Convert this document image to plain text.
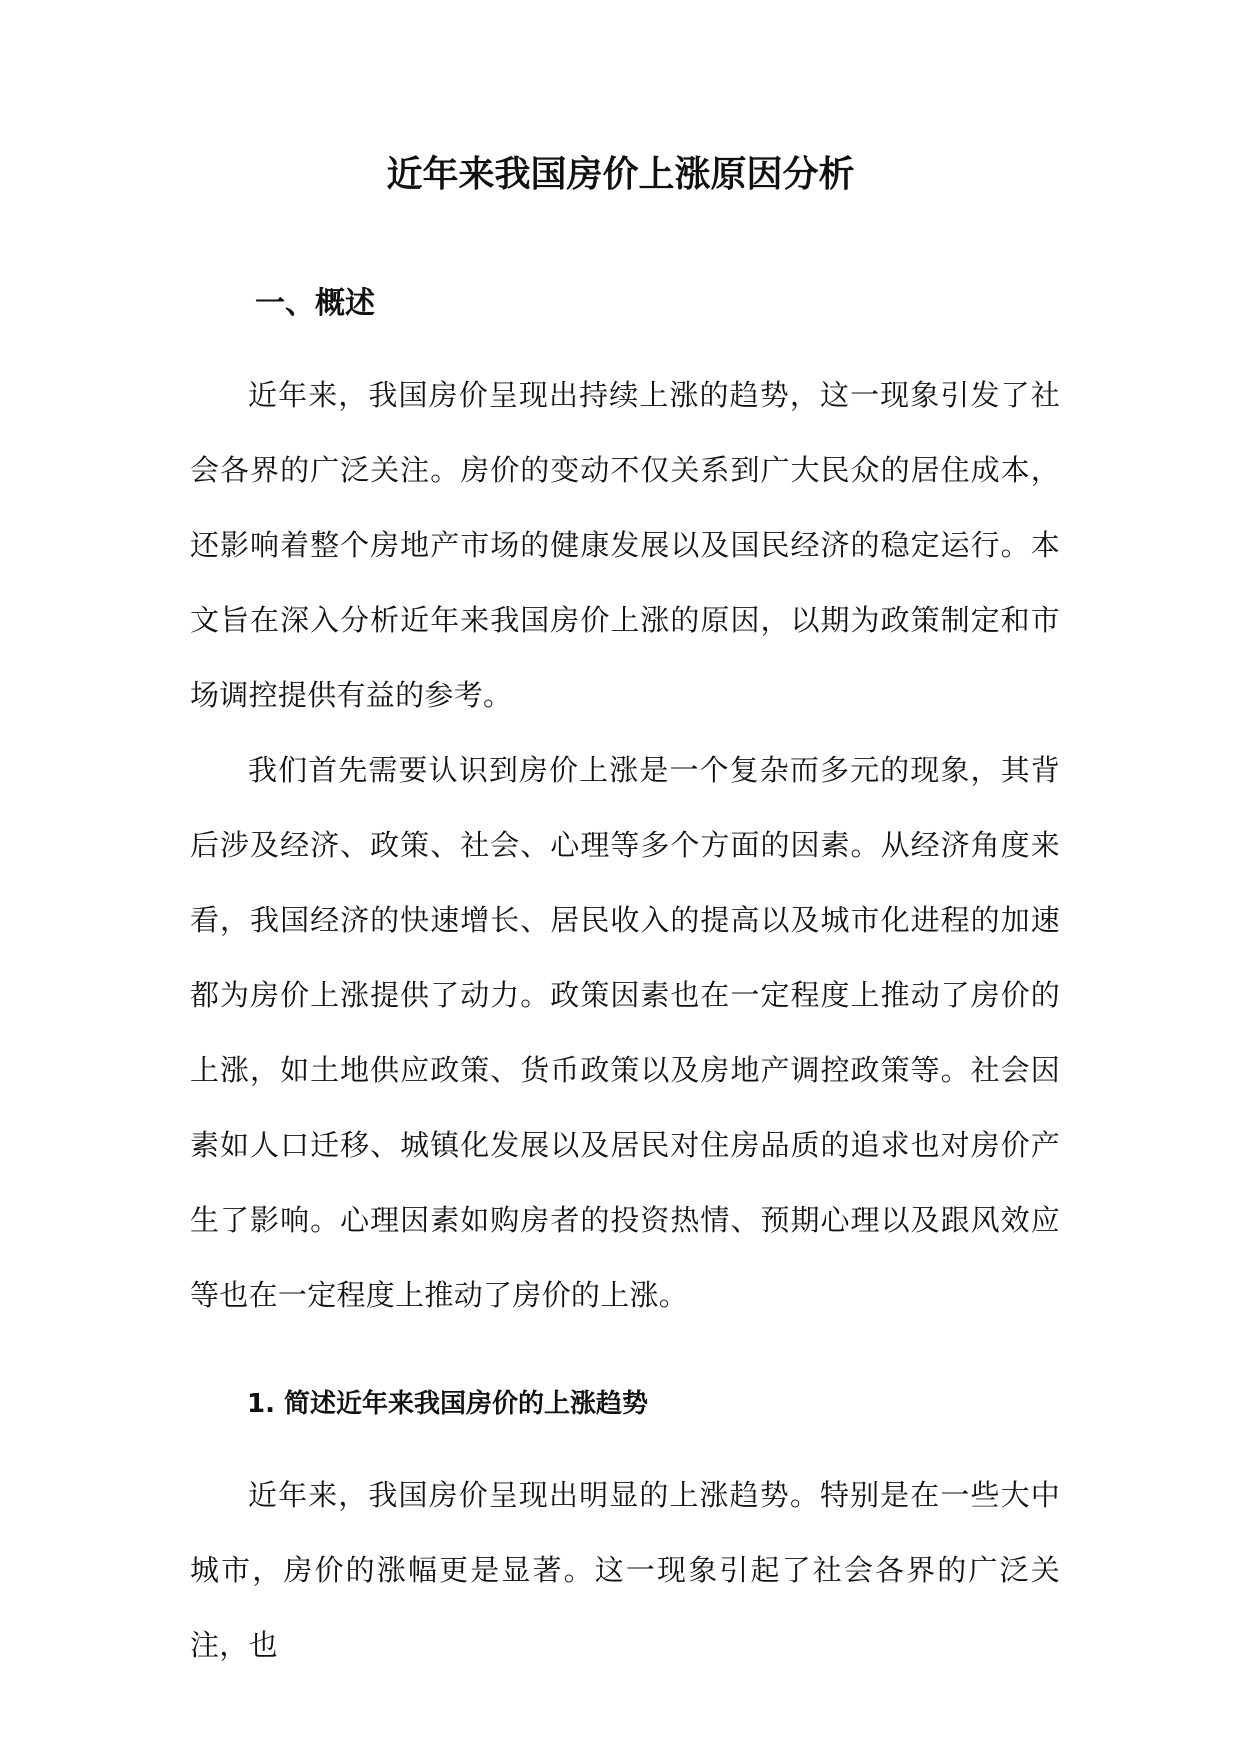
近年来我国房价上涨原因分析
一、概述

近年来，我国房价呈现出持续上涨的趋势，这一现象引发了社会各界的广泛关注。房价的变动不仅关系到广大民众的居住成本，还影响着整个房地产市场的健康发展以及国民经济的稳定运行。本文旨在深入分析近年来我国房价上涨的原因，以期为政策制定和市场调控提供有益的参考。

我们首先需要认识到房价上涨是一个复杂而多元的现象，其背后涉及经济、政策、社会、心理等多个方面的因素。从经济角度来看，我国经济的快速增长、居民收入的提高以及城市化进程的加速都为房价上涨提供了动力。政策因素也在一定程度上推动了房价的上涨，如土地供应政策、货币政策以及房地产调控政策等。社会因素如人口迁移、城镇化发展以及居民对住房品质的追求也对房价产生了影响。心理因素如购房者的投资热情、预期心理以及跟风效应等也在一定程度上推动了房价的上涨。

1. 简述近年来我国房价的上涨趋势

近年来，我国房价呈现出明显的上涨趋势。特别是在一些大中城市，房价的涨幅更是显著。这一现象引起了社会各界的广泛关注，也
